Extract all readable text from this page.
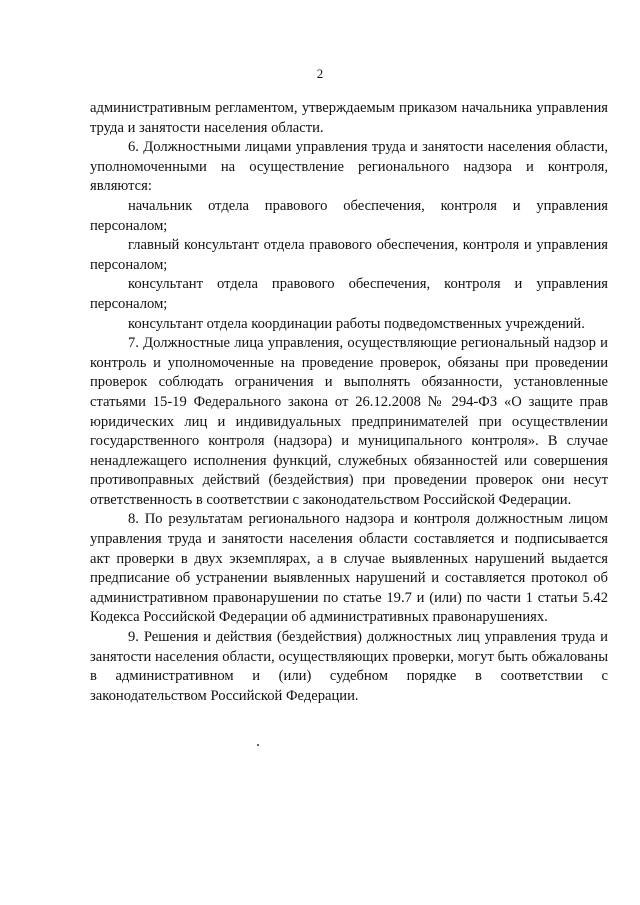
2

административным регламентом, утверждаемым приказом начальника управления труда и занятости населения области.

6. Должностными лицами управления труда и занятости населения области, уполномоченными на осуществление регионального надзора и контроля, являются:

начальник отдела правового обеспечения, контроля и управления персоналом;

главный консультант отдела правового обеспечения, контроля и управления персоналом;

консультант отдела правового обеспечения, контроля и управления персоналом;

консультант отдела координации работы подведомственных учреждений.

7. Должностные лица управления, осуществляющие региональный надзор и контроль и уполномоченные на проведение проверок, обязаны при проведении проверок соблюдать ограничения и выполнять обязанности, установленные статьями 15-19 Федерального закона от 26.12.2008 № 294-ФЗ «О защите прав юридических лиц и индивидуальных предпринимателей при осуществлении государственного контроля (надзора) и муниципального контроля». В случае ненадлежащего исполнения функций, служебных обязанностей или совершения противоправных действий (бездействия) при проведении проверок они несут ответственность в соответствии с законодательством Российской Федерации.

8. По результатам регионального надзора и контроля должностным лицом управления труда и занятости населения области составляется и подписывается акт проверки в двух экземплярах, а в случае выявленных нарушений выдается предписание об устранении выявленных нарушений и составляется протокол об административном правонарушении по статье 19.7 и (или) по части 1 статьи 5.42 Кодекса Российской Федерации об административных правонарушениях.

9. Решения и действия (бездействия) должностных лиц управления труда и занятости населения области, осуществляющих проверки, могут быть обжалованы в административном и (или) судебном порядке в соответствии с законодательством Российской Федерации.
